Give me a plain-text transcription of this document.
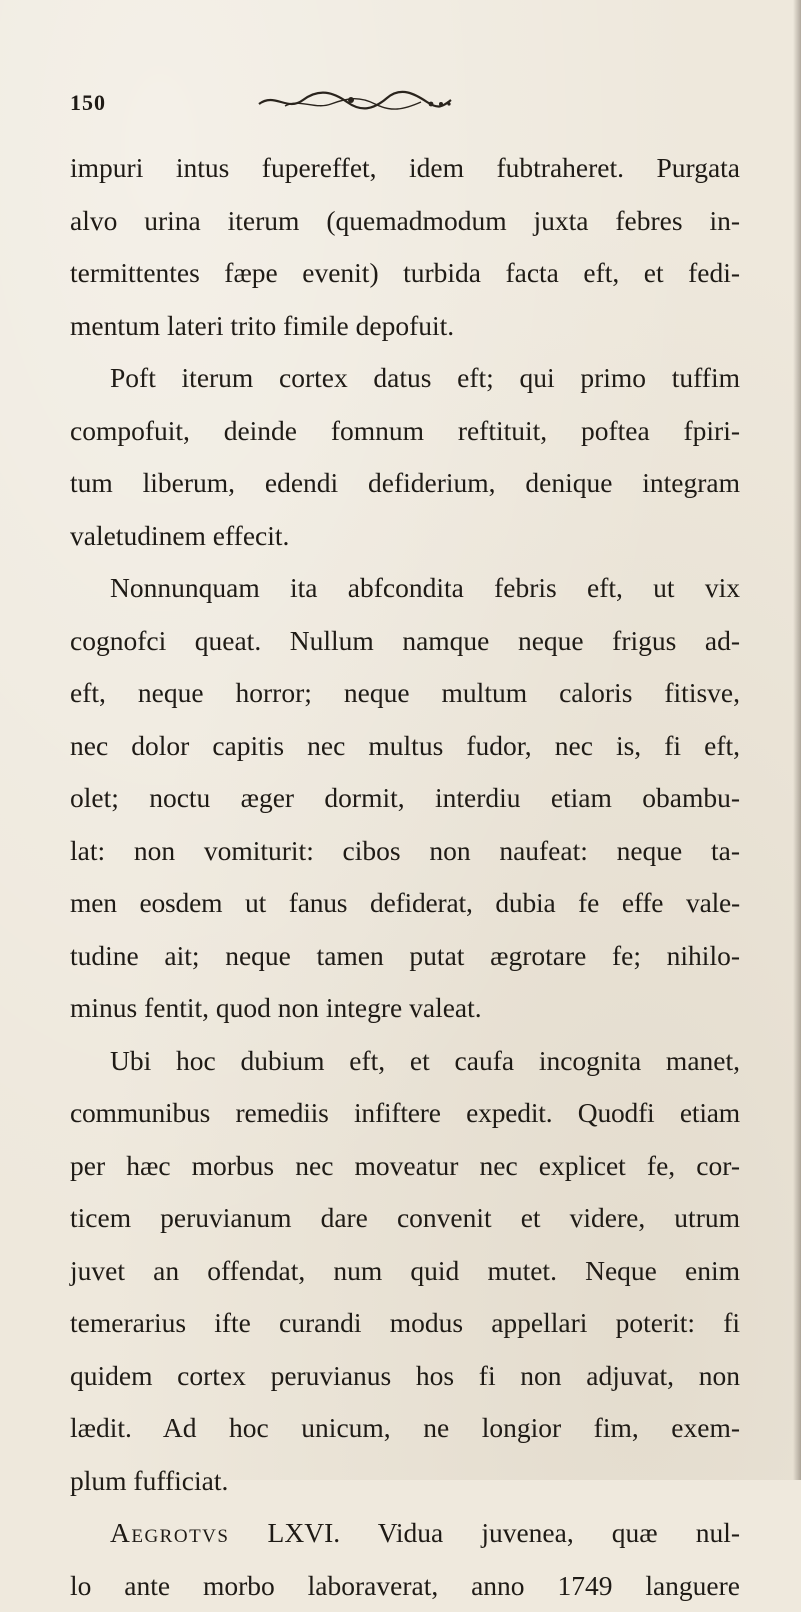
150
impuri intus fupereffet, idem fubtraheret. Purgata
alvo urina iterum (quemadmodum juxta febres in-
termittentes fæpe evenit) turbida facta eft, et fedi-
mentum lateri trito fimile depofuit.
Poft iterum cortex datus eft; qui primo tuffim
compofuit, deinde fomnum reftituit, poftea fpiri-
tum liberum, edendi defiderium, denique integram
valetudinem effecit.
Nonnunquam ita abfcondita febris eft, ut vix
cognofci queat. Nullum namque neque frigus ad-
eft, neque horror; neque multum caloris fitisve,
nec dolor capitis nec multus fudor, nec is, fi eft,
olet; noctu æger dormit, interdiu etiam obambu-
lat: non vomiturit: cibos non naufeat: neque ta-
men eosdem ut fanus defiderat, dubia fe effe vale-
tudine ait; neque tamen putat ægrotare fe; nihilo-
minus fentit, quod non integre valeat.
Ubi hoc dubium eft, et caufa incognita manet,
communibus remediis infiftere expedit. Quodfi etiam
per hæc morbus nec moveatur nec explicet fe, cor-
ticem peruvianum dare convenit et videre, utrum
juvet an offendat, num quid mutet. Neque enim
temerarius ifte curandi modus appellari poterit: fi
quidem cortex peruvianus hos fi non adjuvat, non
lædit. Ad hoc unicum, ne longior fim, exem-
plum fufficiat.
Aegrotvs LXVI. Vidua juvenea, quæ nul-
lo ante morbo laboraverat, anno 1749 languere
